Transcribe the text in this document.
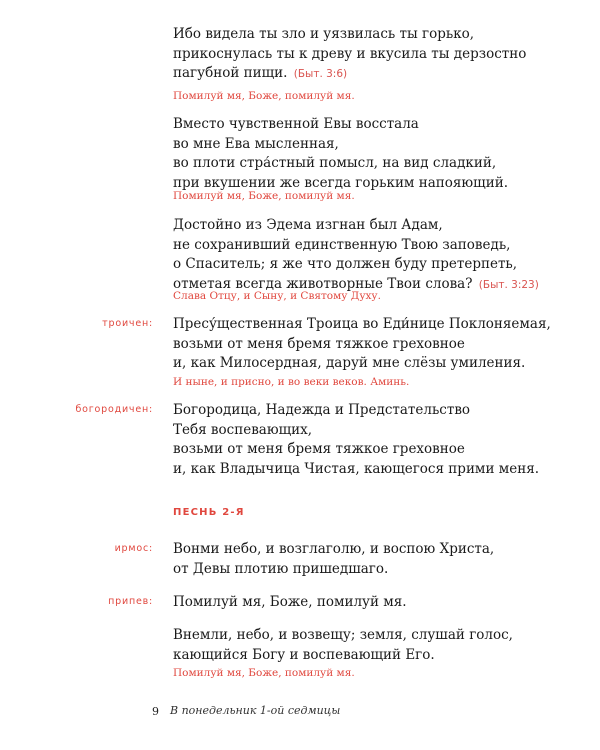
Ибо видела ты зло и уязвилась ты горько,
прикоснулась ты к древу и вкусила ты дерзостно
пагубной пищи. (Быт. 3:6)

Помилуй мя, Боже, помилуй мя.

Вместо чувственной Евы восстала
во мне Ева мысленная,
во плоти стра́стный помысл, на вид сладкий,
при вкушении же всегда горьким напояющий.

Помилуй мя, Боже, помилуй мя.

Достойно из Эдема изгнан был Адам,
не сохранивший единственную Твою заповедь,
о Спаситель; я же что должен буду претерпеть,
отметая всегда животворные Твои слова? (Быт. 3:23)

Слава Отцу, и Сыну, и Святому Духу.
троичен: Пресу́щественная Троица во Еди́нице Поклоняемая,
возьми от меня бремя тяжкое греховное
и, как Милосердная, даруй мне слёзы умиления.

И ныне, и присно, и во веки веков. Аминь.
богородичен: Богородица, Надежда и Предстательство
Тебя воспевающих,
возьми от меня бремя тяжкое греховное
и, как Владычица Чистая, кающегося прими меня.

ПЕСНЬ 2-Я
ирмос: Вонми небо, и возглаголю, и воспою Христа,
от Девы плотию пришедшаго.

припев: Помилуй мя, Боже, помилуй мя.

Внемли, небо, и возвещу; земля, слушай голос,
кающийся Богу и воспевающий Его.

Помилуй мя, Боже, помилуй мя.
9 В понедельник 1-ой седмицы
